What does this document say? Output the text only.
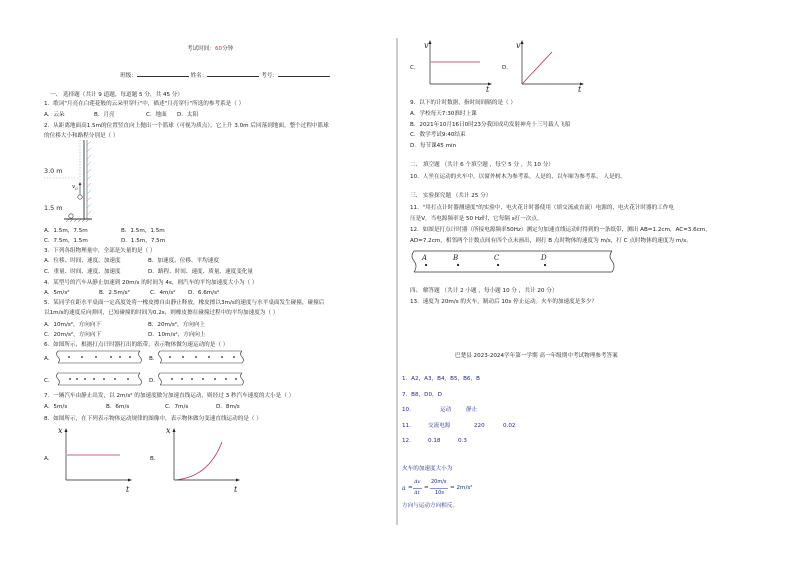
考试时间：60分钟
班级：	姓名：	考号：
一、 选择题（共计 9 道题，每道题 5 分，共 45 分）
1．歌词"月亮在白莲花般的云朵里穿行"中，描述"月亮穿行"所选的参考系是（ ）
A．云朵	B．月亮	C．地面 D．太阳
2．从距离地面高1.5m的位置竖直向上抛出一个篮球（可视为质点），它上升 3.0m 后回落到地面，整个过程中篮球
的位移大小和路程分别是（ ）
3.0 m
1.5 m
$v_0$
A．1.5m，7.5m	B．1.5m，1.5m
C．7.5m，1.5m	D．1.5m，7.5m
3．下列各组物理量中，全部是矢量的是（ ）
A．位移、时间、速度、加速度	B．加速度、位移、平均速度
C．重量、时间、速度、加速度	D．路程、时间、速度、质量、速度变化量
4．某型号的汽车从静止加速到 20m/s 的时间为 4s，则汽车的平均加速度大小为（ ）
A．5m/s²	B．2.5m/s²	C．4m/s² D．6.6m/s²
5．某同学在距水平桌面一定高度处将一橡皮擦自由静止释放，橡皮擦以3m/s的速度与水平桌面发生碰撞，碰撞后
以1m/s的速度反向弹回，已知碰撞的时间为0.2s，则橡皮擦在碰撞过程中的平均加速度为（ ）
A．10m/s²，方向向下	B．20m/s²，方向向上
C．20m/s²，方向向下	D．10m/s²，方向向上
6．如图所示，根据打点计时器打出的纸带，表示物体做匀速运动的是（ ）
A．	B．
C．	D．
7．一辆汽车由静止出发，以 2m/s² 的加速度做匀加速直线运动，则经过 3 秒汽车速度的大小是（ ）
A．5m/s	B．6m/s	C．7m/s	D．8m/s
8．如图所示，在下列表示物体运动规律的图像中，表示物体做匀变速直线运动的是（ ）
A．	B．
x
t
x
t
C．	D．
v
t
v
t
9．以下的计时数据，指时间间隔的是（ ）
A．学校每天7:30准时上课
B．2021年10月16日0时23分我国成功发射神舟十三号载人飞船
C．数学考试9:40结束
D．每节课45 min
二、 填空题 （共计 6 个填空题 ，每空 5 分 ，共 10 分）
10．人坐在运动的火车中，以窗外树木为参考系，人是的，以车厢为参考系， 人是的。
三、 实验探究题 （共计 25 分）
11．"用打点计时器测速度"的实验中，电火花计时器使用（填交流或直流）电源的，电火花计时器的工作电
压是V，当电源频率是 50 Hz时，它每隔 s打一次点。
12．如图是打点计时器（所接电源频率50Hz）测定匀加速直线运动时得到的一条纸带，测出 AB=1.2cm，AC=3.6cm，
AD=7.2cm，相邻两个计数点间有四个点未画出，则打 B 点时物体的速度为 m/s，打 C 点时物体的速度为 m/s。
A	B	C	D
四、 解答题 （共计 2 小题 ，每小题 10 分 ，共计 20 分）
13．速度为 20m/s 的火车，制动后 10s 停止运动。火车的加速度是多少？
巴楚县 2023-2024学年第一学期 高一年级期中考试物理参考答案
1．A2，A3，B4，B5，B6，B
7．B8，D0，D
10．	运动	静止
11． 交流电源	220	0.02
12． 0.18	0.3
火车的加速度大小为
a =
Δv
Δt
=
20m/s
10s
= 2m/s²
方向与运动方向相反。
